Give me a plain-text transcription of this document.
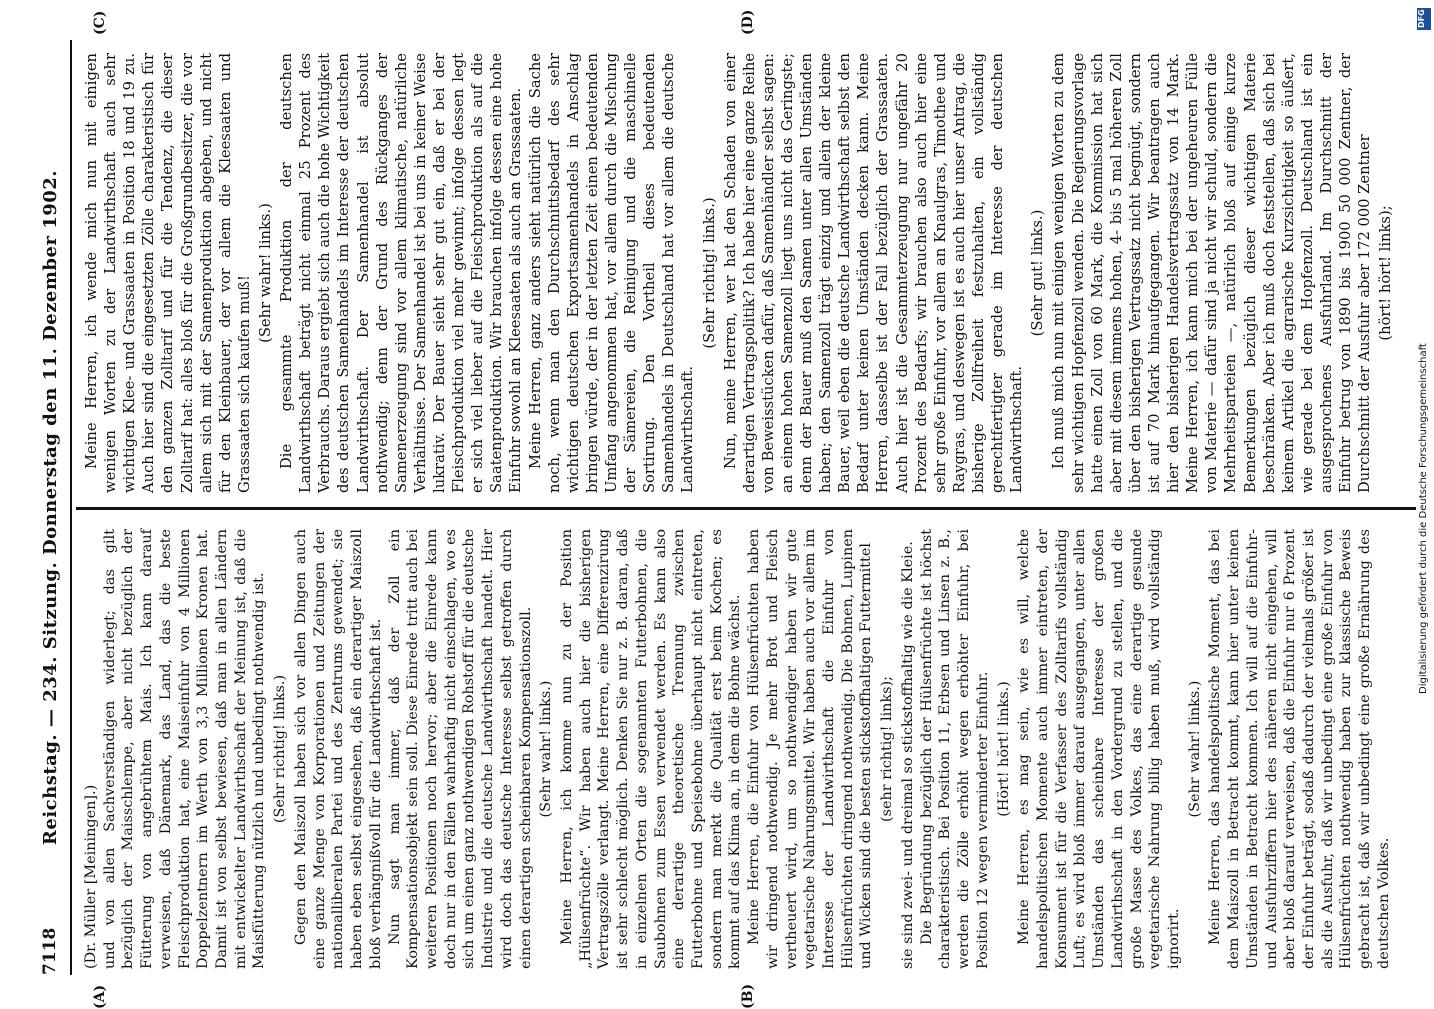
7118
Reichstag. — 234. Sitzung. Donnerstag den 11. Dezember 1902.

(Dr. Müller [Meiningen].) und von allen Sachverständigen widerlegt; das gilt bezüglich der Maisschlempe, aber nicht bezüglich der Fütterung von angebrühtem Mais. Ich kann darauf verweisen, daß Dänemark, das Land, das die beste Fleischproduktion hat, eine Maiseinfuhr von 4 Millionen Doppelzentnern im Werth von 3,3 Millionen Kronen hat. Damit ist von selbst bewiesen, daß man in allen Ländern mit entwickelter Landwirthschaft der Meinung ist, daß die Maisfütterung nützlich und unbedingt nothwendig ist. (Sehr richtig! links.) Gegen den Maiszoll haben sich vor allen Dingen auch eine ganze Menge von Korporationen und Zeitungen der nationalliberalen Partei und des Zentrums gewendet; sie haben eben selbst eingesehen, daß ein derartiger Maiszoll bloß verhängnißvoll für die Landwirthschaft ist. Nun sagt man immer, daß der Zoll ein Kompensationsobjekt sein soll. Diese Einrede tritt auch bei weiteren Positionen noch hervor; aber die Einrede kann doch nur in den Fällen wahrhaftig nicht einschlagen, wo es sich um einen ganz nothwendigen Rohstoff für die deutsche Industrie und die deutsche Landwirthschaft handelt. Hier wird doch das deutsche Interesse selbst getroffen durch einen derartigen scheinbaren Kompensationszoll. (Sehr wahr! links.) Meine Herren, ich komme nun zu der Position „Hülsenfrüchte“. Wir haben auch hier die bisherigen Vertragszölle verlangt. Meine Herren, eine Differenzirung ist sehr schlecht möglich. Denken Sie nur z. B. daran, daß in einzelnen Orten die sogenannten Futterbohnen, die Saubohnen zum Essen verwendet werden. Es kann also eine derartige theoretische Trennung zwischen Futterbohne und Speisebohne überhaupt nicht eintreten, sondern man merkt die Qualität erst beim Kochen; es kommt auf das Klima an, in dem die Bohne wächst. Meine Herren, die Einfuhr von Hülsenfrüchten haben wir dringend nothwendig. Je mehr Brot und Fleisch vertheuert wird, um so nothwendiger haben wir gute vegetarische Nahrungsmittel. Wir haben auch vor allem im Interesse der Landwirthschaft die Einfuhr von Hülsenfrüchten dringend nothwendig. Die Bohnen, Lupinen und Wicken sind die besten stickstoffhaltigen Futtermittel (sehr richtig! links); sie sind zwei- und dreimal so stickstoffhaltig wie die Kleie. Die Begründung bezüglich der Hülsenfrüchte ist höchst charakteristisch. Bei Position 11, Erbsen und Linsen z. B., werden die Zölle erhöht wegen erhöhter Einfuhr, bei Position 12 wegen verminderter Einfuhr. (Hört! hört! links.) Meine Herren, es mag sein, wie es will, welche handelspolitischen Momente auch immer eintreten, der Konsument ist für die Verfasser des Zolltarifs vollständig Luft; es wird bloß immer darauf ausgegangen, unter allen Umständen das scheinbare Interesse der großen Landwirthschaft in den Vordergrund zu stellen, und die große Masse des Volkes, das eine derartige gesunde vegetarische Nahrung billig haben muß, wird vollständig ignorirt.

(Sehr wahr! links.) Meine Herren, das handelspolitische Moment, das bei dem Maiszoll in Betracht kommt, kann hier unter keinen Umständen in Betracht kommen. Ich will auf die Einfuhr- und Ausfuhrziffern hier des näheren nicht eingehen, will aber bloß darauf verweisen, daß die Einfuhr nur 6 Prozent der Einfuhr beträgt, sodaß dadurch der vielmals größer ist als die Ausfuhr, daß wir unbedingt eine große Einfuhr von Hülsenfrüchten nothwendig haben zur klassische Beweis gebracht ist, daß wir unbedingt eine große Ernährung des deutschen Volkes.

Meine Herren, ich wende mich nun mit einigen wenigen Worten zu der Landwirthschaft auch sehr wichtigen Klee- und Grassaaten in Position 18 und 19 zu. Auch hier sind die eingesetzten Zölle charakteristisch für den ganzen Zolltarif und für die Tendenz, die dieser Zolltarif hat: alles bloß für die Großgrundbesitzer, die vor allem sich mit der Samenproduktion abgeben, und nicht für den Kleinbauer, der vor allem die Kleesaaten und Grassaaten sich kaufen muß!

(Sehr wahr! links.) Die gesammte Produktion der deutschen Landwirthschaft beträgt nicht einmal 25 Prozent des Verbrauchs. Daraus ergiebt sich auch die hohe Wichtigkeit des deutschen Samenhandels im Interesse der deutschen Landwirthschaft. Der Samenhandel ist absolut nothwendig; denn der Grund des Rückganges der Samenerzeugung sind vor allem klimatische, natürliche Verhältnisse. Der Samenhandel ist bei uns in keiner Weise lukrativ. Der Bauer sieht sehr gut ein, daß er bei der Fleischproduktion viel mehr gewinnt; infolge dessen legt er sich viel lieber auf die Fleischproduktion als auf die Saatenproduktion. Wir brauchen infolge dessen eine hohe Einfuhr sowohl an Kleesaaten als auch an Grassaaten. Meine Herren, ganz anders sieht natürlich die Sache noch, wenn man den Durchschnittsbedarf des sehr wichtigen deutschen Exportsamenhandels in Anschlag bringen würde, der in der letzten Zeit einen bedeutenden Umfang angenommen hat, vor allem durch die Mischung der Sämereien, die Reinigung und die maschinelle Sortirung. Den Vortheil dieses bedeutenden Samenhandels in Deutschland hat vor allem die deutsche Landwirthschaft.

(Sehr richtig! links.) Nun, meine Herren, wer hat den Schaden von einer derartigen Vertragspolitik? Ich habe hier eine ganze Reihe von Beweisstücken dafür, daß Samenhändler selbst sagen: an einem hohen Samenzoll liegt uns nicht das Geringste; denn der Bauer muß den Samen unter allen Umständen haben; den Samenzoll trägt einzig und allein der kleine Bauer, weil eben die deutsche Landwirthschaft selbst den Bedarf unter keinen Umständen decken kann. Meine Herren, dasselbe ist der Fall bezüglich der Grassaaten. Auch hier ist die Gesammterzeugung nur ungefähr 20 Prozent des Bedarfs; wir brauchen also auch hier eine sehr große Einfuhr, vor allem an Knaulgras, Timothee und Raygras, und deswegen ist es auch hier unser Antrag, die bisherige Zollfreiheit festzuhalten, ein vollständig gerechtfertigter gerade im Interesse der deutschen Landwirthschaft.

(Sehr gut! links.) Ich muß mich nun mit einigen wenigen Worten zu dem sehr wichtigen Hopfenzoll wenden. Die Regierungsvorlage hatte einen Zoll von 60 Mark, die Kommission hat sich aber mit diesem immens hohen, 4- bis 5 mal höheren Zoll über den bisherigen Vertragssatz nicht begnügt, sondern ist auf 70 Mark hinaufgegangen. Wir beantragen auch hier den bisherigen Handelsvertragssatz von 14 Mark. Meine Herren, ich kann mich bei der ungeheuren Fülle von Materie — dafür sind ja nicht wir schuld, sondern die Mehrheitsparteien —, natürlich bloß auf einige kurze Bemerkungen bezüglich dieser wichtigen Materie beschränken. Aber ich muß doch feststellen, daß sich bei keinem Artikel die agrarische Kurzsichtigkeit so äußert, wie gerade bei dem Hopfenzoll. Deutschland ist ein ausgesprochenes Ausfuhrland. Im Durchschnitt der Einfuhr betrug von 1890 bis 1900 50 000 Zentner, der Durchschnitt der Ausfuhr aber 172 000 Zentner (hört! hört! links);

(A)	(B)
(C)	(D)	DFG
Digitalisierung gefördert durch die Deutsche Forschungsgemeinschaft
